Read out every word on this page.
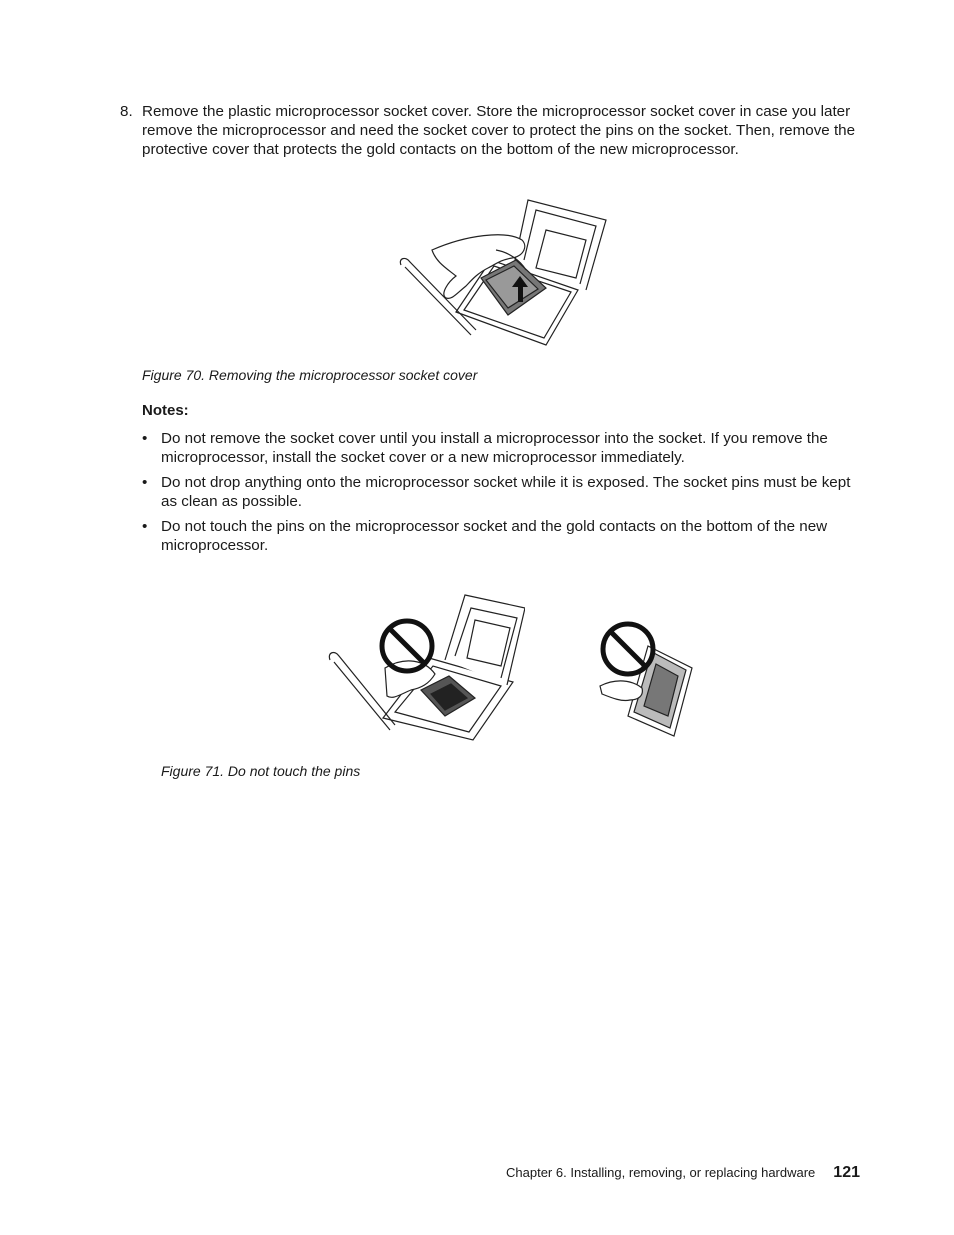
8. Remove the plastic microprocessor socket cover. Store the microprocessor socket cover in case you later remove the microprocessor and need the socket cover to protect the pins on the socket. Then, remove the protective cover that protects the gold contacts on the bottom of the new microprocessor.
Figure 70. Removing the microprocessor socket cover
Notes:
• Do not remove the socket cover until you install a microprocessor into the socket. If you remove the microprocessor, install the socket cover or a new microprocessor immediately.
• Do not drop anything onto the microprocessor socket while it is exposed. The socket pins must be kept as clean as possible.
• Do not touch the pins on the microprocessor socket and the gold contacts on the bottom of the new microprocessor.
Figure 71. Do not touch the pins
Chapter 6. Installing, removing, or replacing hardware 121
